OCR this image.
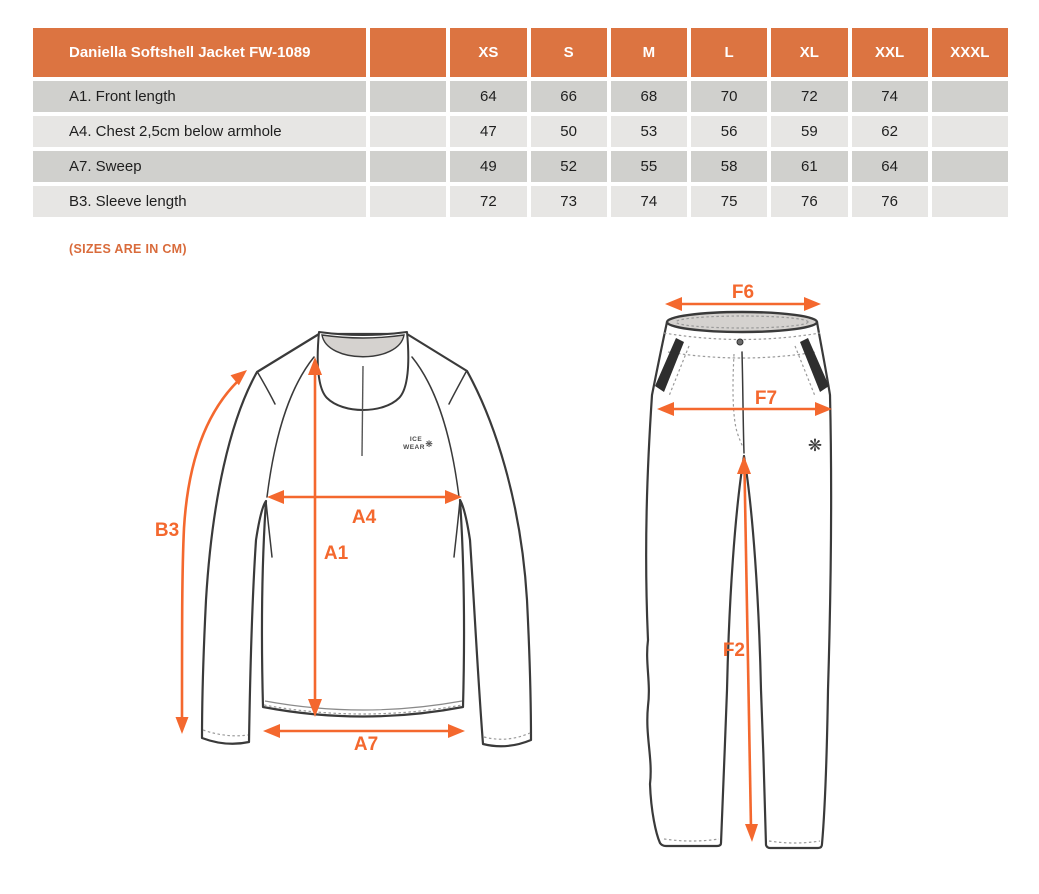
Daniella Softshell Jacket FW-1089	XS	S	M	L	XL	XXL	XXXL
A1. Front length	64	66	68	70	72	74
A4. Chest 2,5cm below armhole	47	50	53	56	59	62
A7. Sweep	49	52	55	58	61	64
B3. Sleeve length	72	73	74	75	76	76
(SIZES ARE IN CM)
ICE
WEAR ❋
B3
A4
A1
A7
❋
F6
F7
F2
